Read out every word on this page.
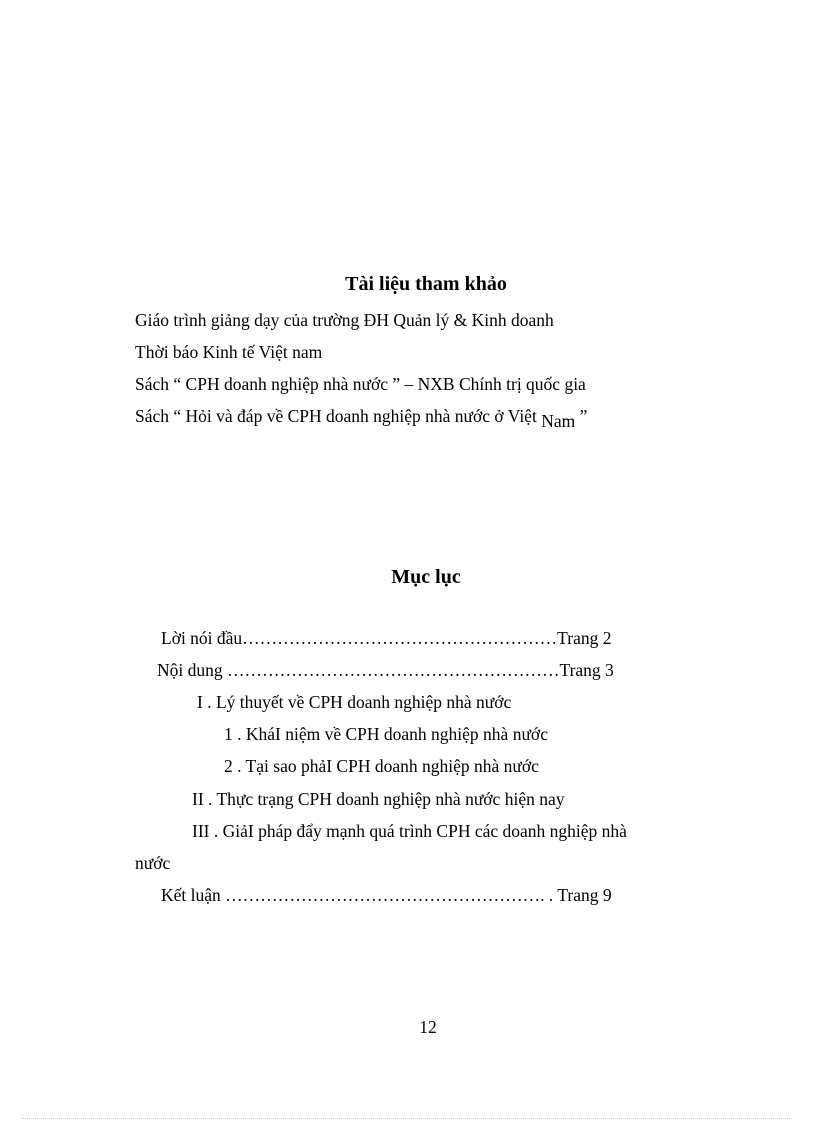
Tài liệu tham khảo
Giáo trình giảng dạy của trường ĐH Quản lý & Kinh doanh
Thời báo Kinh tế Việt nam
Sách “ CPH doanh nghiệp nhà nước ” – NXB Chính trị quốc gia
Sách “ Hỏi và đáp về CPH doanh nghiệp nhà nước ở Việt Nam ”
Mục lục
Lời nói đầu………………………………………………Trang 2
Nội dung …………………………………………………Trang 3
I . Lý thuyết về CPH doanh nghiệp nhà nước
1 . KháI niệm về CPH doanh nghiệp nhà nước
2 . Tại sao phảI CPH doanh nghiệp nhà nước
II . Thực trạng CPH doanh nghiệp nhà nước hiện nay
III . GiảI pháp đẩy mạnh quá trình CPH các doanh nghiệp nhà
nước
Kết luận ………………………………………………. . Trang 9
12
